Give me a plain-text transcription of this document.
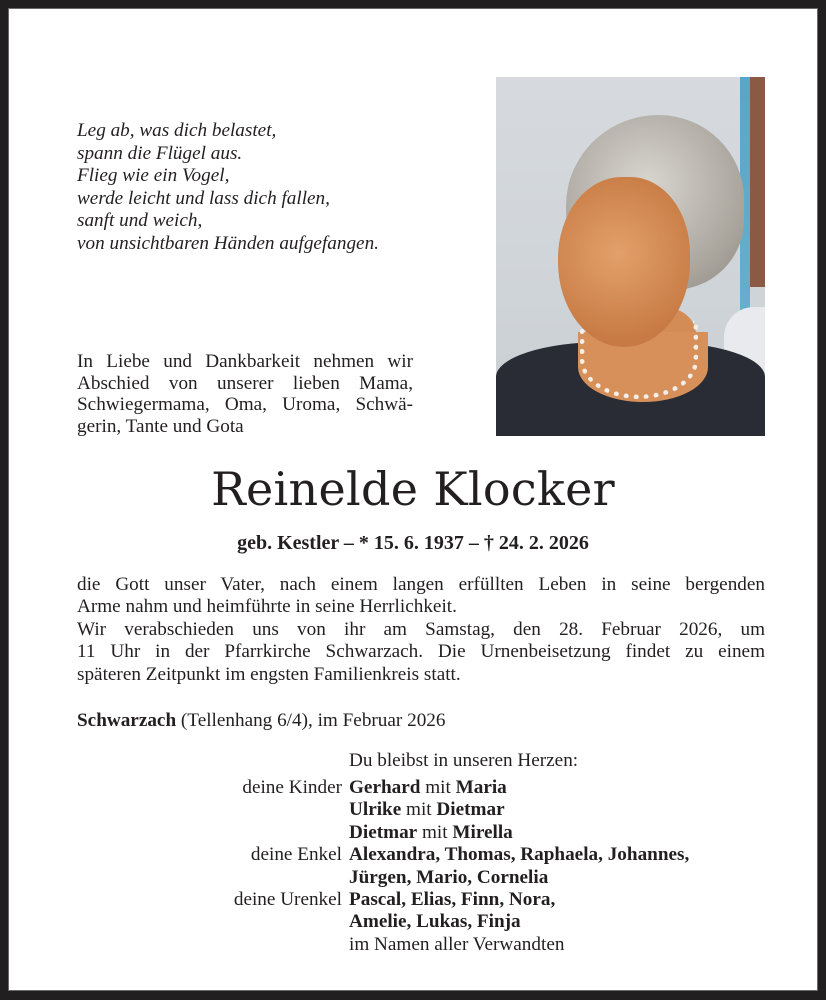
Leg ab, was dich belastet,
spann die Flügel aus.
Flieg wie ein Vogel,
werde leicht und lass dich fallen,
sanft und weich,
von unsichtbaren Händen aufgefangen.
In Liebe und Dankbarkeit nehmen wir
Abschied von unserer lieben Mama,
Schwiegermama, Oma, Uroma, Schwä-
gerin, Tante und Gota
Reinelde Klocker
geb. Kestler – * 15. 6. 1937 – † 24. 2. 2026
die Gott unser Vater, nach einem langen erfüllten Leben in seine bergenden
Arme nahm und heimführte in seine Herrlichkeit.
Wir verabschieden uns von ihr am Samstag, den 28. Februar 2026, um
11 Uhr in der Pfarrkirche Schwarzach. Die Urnenbeisetzung findet zu einem
späteren Zeitpunkt im engsten Familienkreis statt.
Schwarzach (Tellenhang 6/4), im Februar 2026
Du bleibst in unseren Herzen:
deine Kinder Gerhard mit Maria
Ulrike mit Dietmar
Dietmar mit Mirella
deine Enkel Alexandra, Thomas, Raphaela, Johannes,
Jürgen, Mario, Cornelia
deine Urenkel Pascal, Elias, Finn, Nora,
Amelie, Lukas, Finja
im Namen aller Verwandten
